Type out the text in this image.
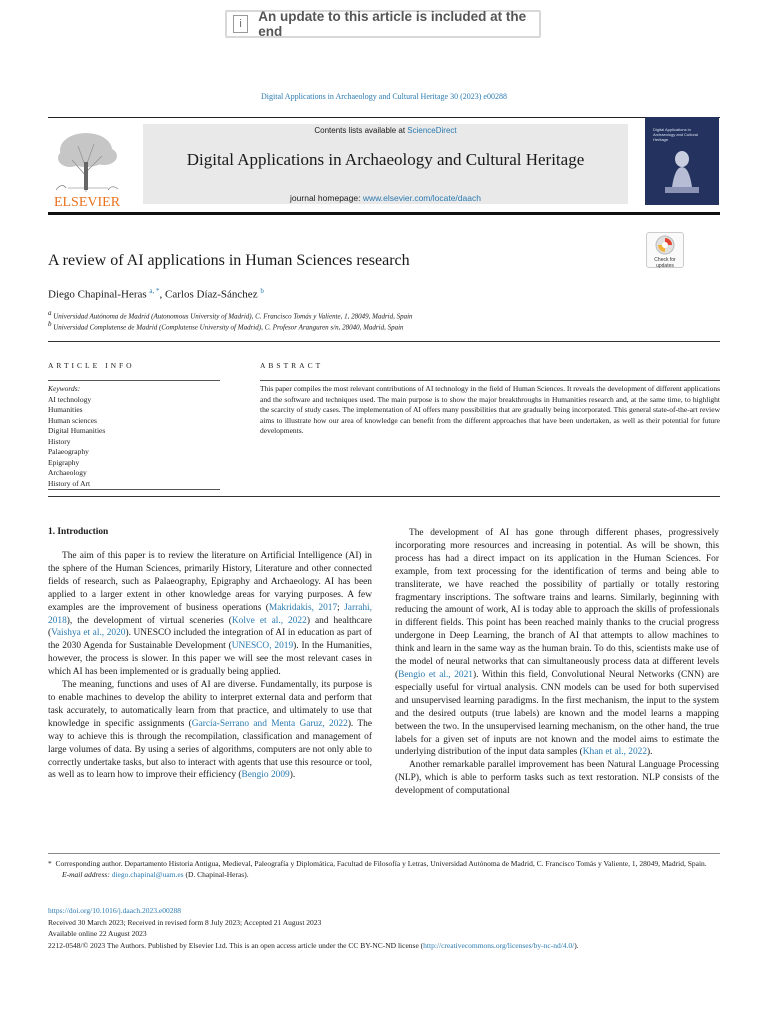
i	An update to this article is included at the end
Digital Applications in Archaeology and Cultural Heritage 30 (2023) e00288
ELSEVIER
Contents lists available at ScienceDirect
Digital Applications in Archaeology and Cultural Heritage
journal homepage: www.elsevier.com/locate/daach
Digital Applications in Archaeology and Cultural Heritage
Check for
updates
A review of AI applications in Human Sciences research
Diego Chapinal-Heras $^{a, *}$, Carlos Díaz-Sánchez $^b$
$^a$ Universidad Autónoma de Madrid (Autonomous University of Madrid), C. Francisco Tomás y Valiente, 1, 28049, Madrid, Spain
$^b$ Universidad Complutense de Madrid (Complutense University of Madrid), C. Profesor Aranguren s/n, 28040, Madrid, Spain
ARTICLE INFO	ABSTRACT
Keywords:
AI technology
Humanities
Human sciences
Digital Humanities
History
Palaeography
Epigraphy
Archaeology
History of Art
This paper compiles the most relevant contributions of AI technology in the field of Human Sciences. It reveals the development of different applications and the software and techniques used. The main purpose is to show the major breakthroughs in Humanities research and, at the same time, to highlight the scarcity of study cases. The implementation of AI offers many possibilities that are gradually being incorporated. This general state-of-the-art review aims to illustrate how our area of knowledge can benefit from the different approaches that have been undertaken, as well as their potential for future developments.
1. Introduction

The aim of this paper is to review the literature on Artificial Intelligence (AI) in the sphere of the Human Sciences, primarily History, Literature and other connected fields of research, such as Palaeography, Epigraphy and Archaeology. AI has been applied to a larger extent in other knowledge areas for varying purposes. A few examples are the improvement of business operations (Makridakis, 2017; Jarrahi, 2018), the development of virtual sceneries (Kolve et al., 2022) and healthcare (Vaishya et al., 2020). UNESCO included the integration of AI in education as part of the 2030 Agenda for Sustainable Development (UNESCO, 2019). In the Humanities, however, the process is slower. In this paper we will see the most relevant cases in which AI has been implemented or is gradually being applied.

The meaning, functions and uses of AI are diverse. Fundamentally, its purpose is to enable machines to develop the ability to interpret external data and perform that task accurately, to automatically learn from that practice, and ultimately to use that knowledge in specific assignments (García-Serrano and Menta Garuz, 2022). The way to achieve this is through the recompilation, classification and management of large volumes of data. By using a series of algorithms, computers are not only able to correctly undertake tasks, but also to interact with agents that use this resource or tool, as well as to learn how to improve their efficiency (Bengio 2009).

The development of AI has gone through different phases, progressively incorporating more resources and increasing in potential. As will be shown, this process has had a direct impact on its application in the Human Sciences. For example, from text processing for the identification of terms and being able to transliterate, we have reached the possibility of partially or totally restoring fragmentary inscriptions. The software trains and learns. Similarly, beginning with reducing the amount of work, AI is today able to approach the skills of professionals in different fields. This point has been reached mainly thanks to the crucial progress undergone in Deep Learning, the branch of AI that attempts to allow machines to think and learn in the same way as the human brain. To do this, scientists make use of the model of neural networks that can simultaneously process data at different levels (Bengio et al., 2021). Within this field, Convolutional Neural Networks (CNN) are especially useful for virtual analysis. CNN models can be used for both supervised and unsupervised learning paradigms. In the first mechanism, the input to the system and the desired outputs (true labels) are known and the model learns a mapping between the two. In the unsupervised learning mechanism, on the other hand, the true labels for a given set of inputs are not known and the model aims to estimate the underlying distribution of the input data samples (Khan et al., 2022).

Another remarkable parallel improvement has been Natural Language Processing (NLP), which is able to perform tasks such as text restoration. NLP consists of the development of computational

* Corresponding author. Departamento Historia Antigua, Medieval, Paleografía y Diplomática, Facultad de Filosofía y Letras, Universidad Autónoma de Madrid, C. Francisco Tomás y Valiente, 1, 28049, Madrid, Spain.

E-mail address: diego.chapinal@uam.es (D. Chapinal-Heras).

https://doi.org/10.1016/j.daach.2023.e00288

Received 30 March 2023; Received in revised form 8 July 2023; Accepted 21 August 2023

Available online 22 August 2023

2212-0548/© 2023 The Authors. Published by Elsevier Ltd. This is an open access article under the CC BY-NC-ND license (http://creativecommons.org/licenses/by-nc-nd/4.0/).
